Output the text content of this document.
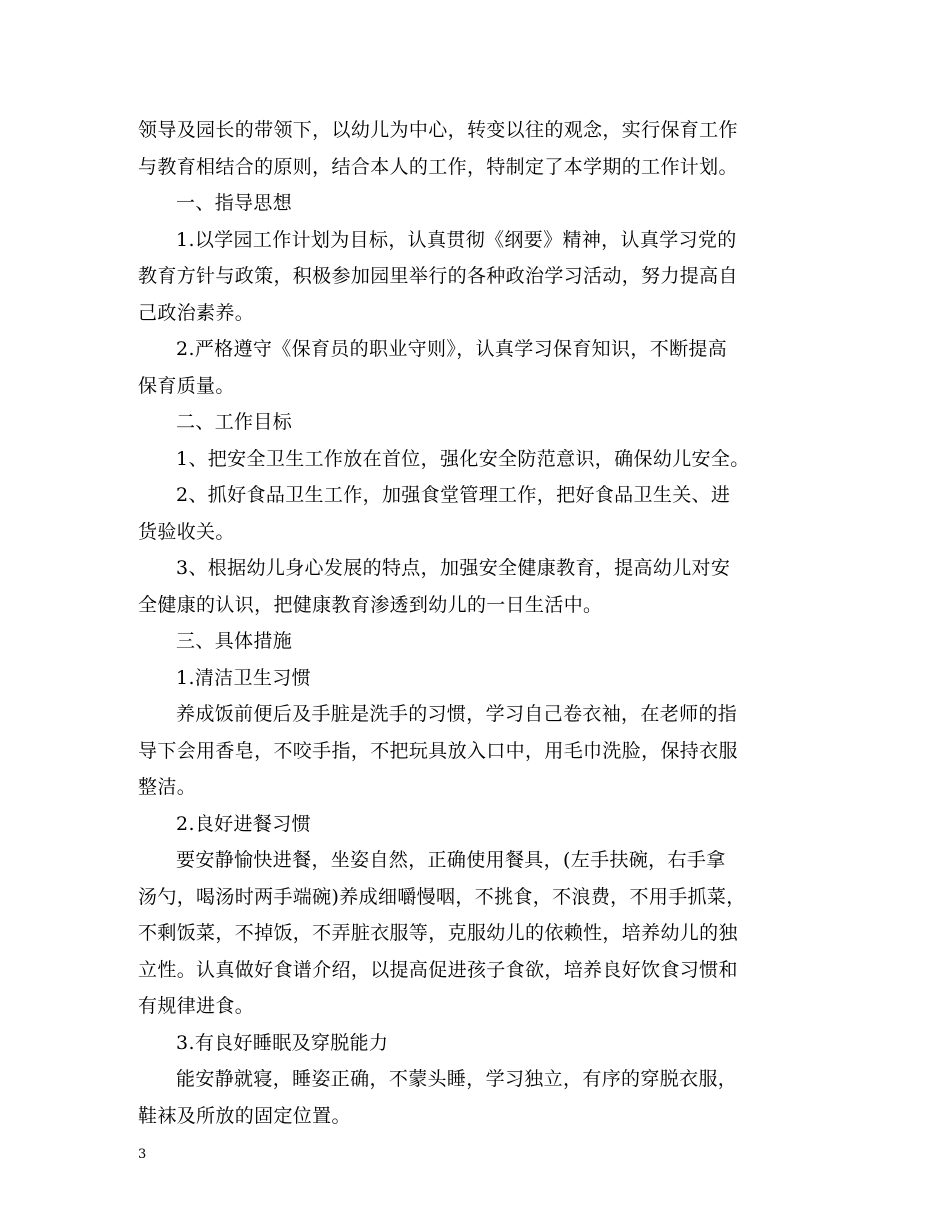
领导及园长的带领下，以幼儿为中心，转变以往的观念，实行保育工作
与教育相结合的原则，结合本人的工作，特制定了本学期的工作计划。
一、指导思想
1.以学园工作计划为目标，认真贯彻《纲要》精神，认真学习党的
教育方针与政策，积极参加园里举行的各种政治学习活动，努力提高自
己政治素养。
2.严格遵守《保育员的职业守则》，认真学习保育知识，不断提高
保育质量。
二、工作目标
1、把安全卫生工作放在首位，强化安全防范意识，确保幼儿安全。
2、抓好食品卫生工作，加强食堂管理工作，把好食品卫生关、进
货验收关。
3、根据幼儿身心发展的特点，加强安全健康教育，提高幼儿对安
全健康的认识，把健康教育渗透到幼儿的一日生活中。
三、具体措施
1.清洁卫生习惯
养成饭前便后及手脏是洗手的习惯，学习自己卷衣袖，在老师的指
导下会用香皂，不咬手指，不把玩具放入口中，用毛巾洗脸，保持衣服
整洁。
2.良好进餐习惯
要安静愉快进餐，坐姿自然，正确使用餐具，(左手扶碗，右手拿
汤勺，喝汤时两手端碗)养成细嚼慢咽，不挑食，不浪费，不用手抓菜，
不剩饭菜，不掉饭，不弄脏衣服等，克服幼儿的依赖性，培养幼儿的独
立性。认真做好食谱介绍，以提高促进孩子食欲，培养良好饮食习惯和
有规律进食。
3.有良好睡眠及穿脱能力
能安静就寝，睡姿正确，不蒙头睡，学习独立，有序的穿脱衣服，
鞋袜及所放的固定位置。
3
